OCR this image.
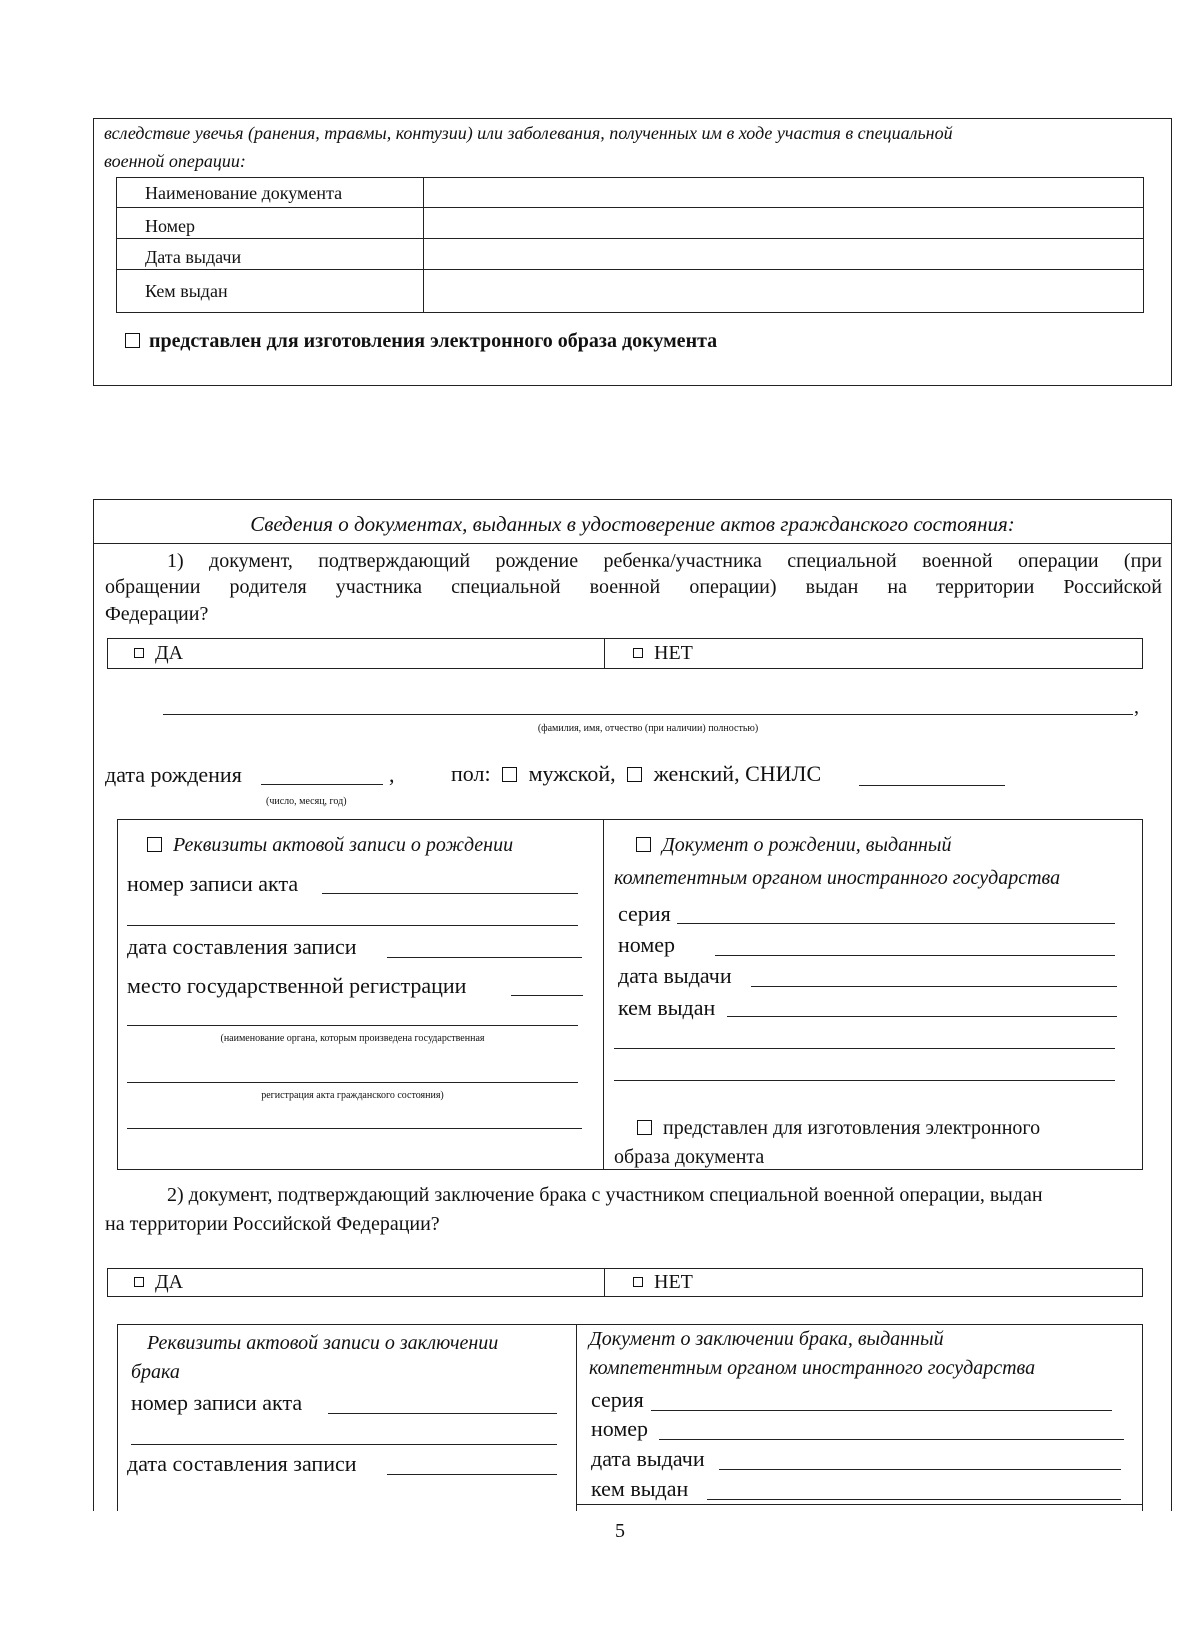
вследствие увечья (ранения, травмы, контузии) или заболевания, полученных им в ходе участия в специальной
военной операции:
Наименование документа
Номер
Дата выдачи
Кем выдан
представлен для изготовления электронного образа документа
Сведения о документах, выданных в удостоверение актов гражданского состояния:
1) документ, подтверждающий рождение ребенка/участника специальной военной операции (при
обращении родителя участника специальной военной операции) выдан на территории Российской
Федерации?
ДА	НЕТ
,
(фамилия, имя, отчество (при наличии) полностью)
дата рождения	,
(число, месяц, год)
пол: мужской, женский, СНИЛС
Реквизиты актовой записи о рождении
номер записи акта
дата составления записи
место государственной регистрации
(наименование органа, которым произведена государственная
регистрация акта гражданского состояния)
Документ о рождении, выданный
компетентным органом иностранного государства
серия
номер
дата выдачи
кем выдан
представлен для изготовления электронного
образа документа
2) документ, подтверждающий заключение брака с участником специальной военной операции, выдан
на территории Российской Федерации?
ДА	НЕТ
Реквизиты актовой записи о заключении
брака
номер записи акта
дата составления записи
Документ о заключении брака, выданный
компетентным органом иностранного государства
серия
номер
дата выдачи
кем выдан
5
